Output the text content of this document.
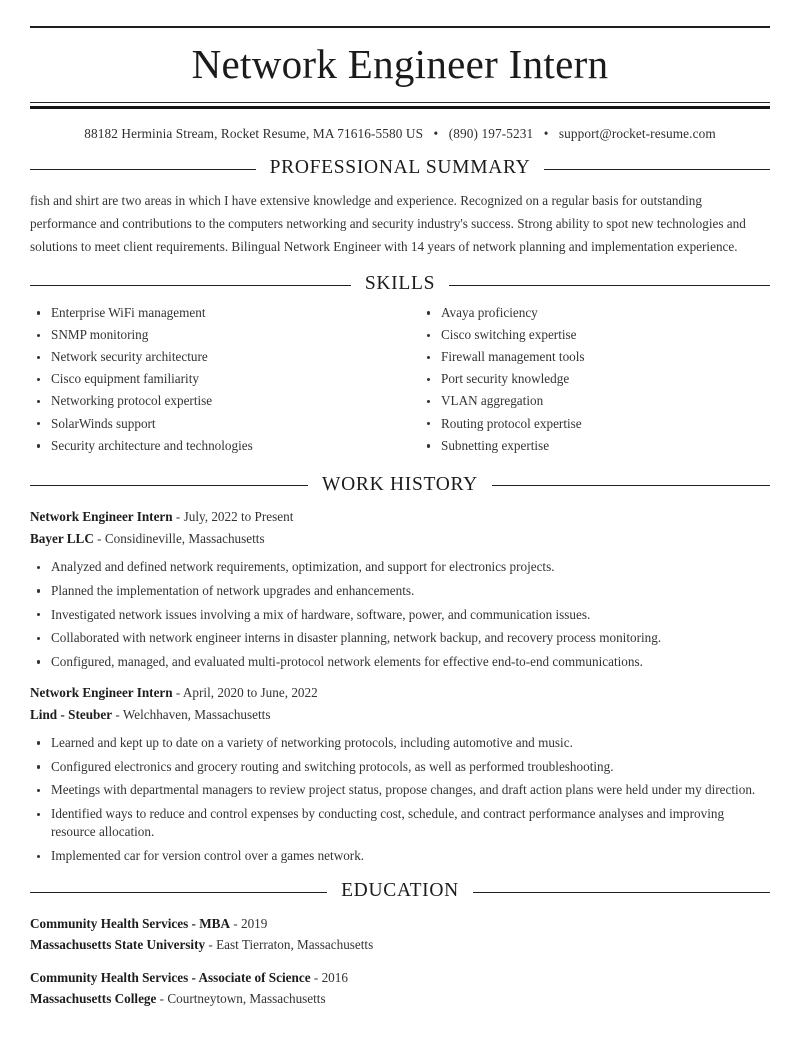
Network Engineer Intern
88182 Herminia Stream, Rocket Resume, MA 71616-5580 US • (890) 197-5231 • support@rocket-resume.com
PROFESSIONAL SUMMARY

fish and shirt are two areas in which I have extensive knowledge and experience. Recognized on a regular basis for outstanding performance and contributions to the computers networking and security industry's success. Strong ability to spot new technologies and solutions to meet client requirements. Bilingual Network Engineer with 14 years of network planning and implementation experience.

SKILLS
Enterprise WiFi management
SNMP monitoring
Network security architecture
Cisco equipment familiarity
Networking protocol expertise
SolarWinds support
Security architecture and technologies
Avaya proficiency
Cisco switching expertise
Firewall management tools
Port security knowledge
VLAN aggregation
Routing protocol expertise
Subnetting expertise
WORK HISTORY
Network Engineer Intern - July, 2022 to Present
Bayer LLC - Considineville, Massachusetts
Analyzed and defined network requirements, optimization, and support for electronics projects.
Planned the implementation of network upgrades and enhancements.
Investigated network issues involving a mix of hardware, software, power, and communication issues.
Collaborated with network engineer interns in disaster planning, network backup, and recovery process monitoring.
Configured, managed, and evaluated multi-protocol network elements for effective end-to-end communications.
Network Engineer Intern - April, 2020 to June, 2022
Lind - Steuber - Welchhaven, Massachusetts
Learned and kept up to date on a variety of networking protocols, including automotive and music.
Configured electronics and grocery routing and switching protocols, as well as performed troubleshooting.
Meetings with departmental managers to review project status, propose changes, and draft action plans were held under my direction.
Identified ways to reduce and control expenses by conducting cost, schedule, and contract performance analyses and improving resource allocation.
Implemented car for version control over a games network.
EDUCATION
Community Health Services - MBA - 2019
Massachusetts State University - East Tierraton, Massachusetts
Community Health Services - Associate of Science - 2016
Massachusetts College - Courtneytown, Massachusetts
